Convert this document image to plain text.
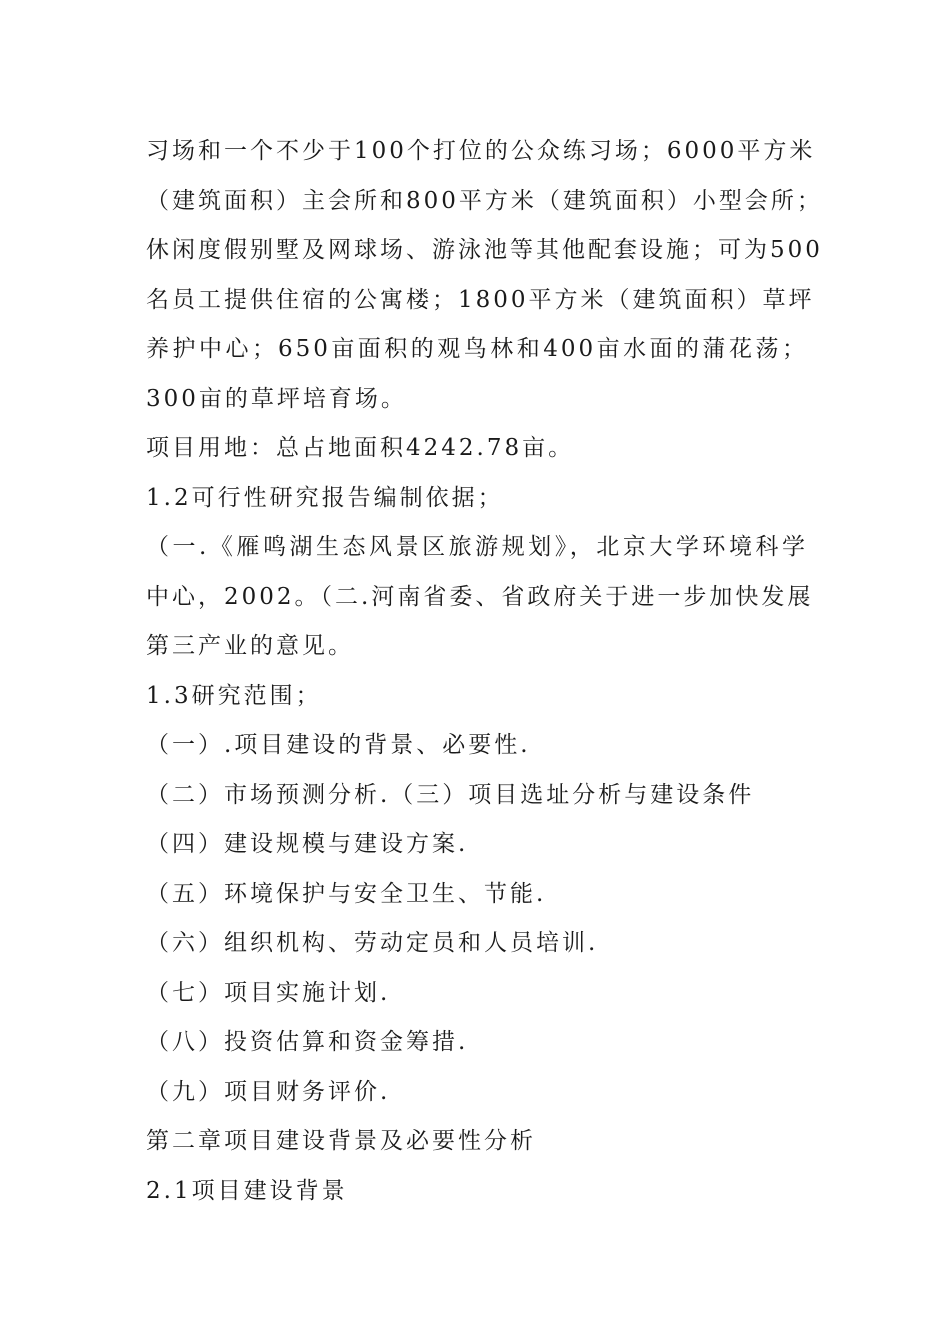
习场和一个不少于100个打位的公众练习场；6000平方米
（建筑面积）主会所和800平方米（建筑面积）小型会所；
休闲度假别墅及网球场、游泳池等其他配套设施；可为500
名员工提供住宿的公寓楼；1800平方米（建筑面积）草坪
养护中心；650亩面积的观鸟林和400亩水面的蒲花荡；
300亩的草坪培育场。
项目用地：总占地面积4242.78亩。
1.2可行性研究报告编制依据；
（一.《雁鸣湖生态风景区旅游规划》，北京大学环境科学
中心，2002。（二.河南省委、省政府关于进一步加快发展
第三产业的意见。
1.3研究范围；
（一）.项目建设的背景、必要性.
（二）市场预测分析.（三）项目选址分析与建设条件
（四）建设规模与建设方案.
（五）环境保护与安全卫生、节能.
（六）组织机构、劳动定员和人员培训.
（七）项目实施计划.
（八）投资估算和资金筹措.
（九）项目财务评价.
第二章项目建设背景及必要性分析
2.1项目建设背景
